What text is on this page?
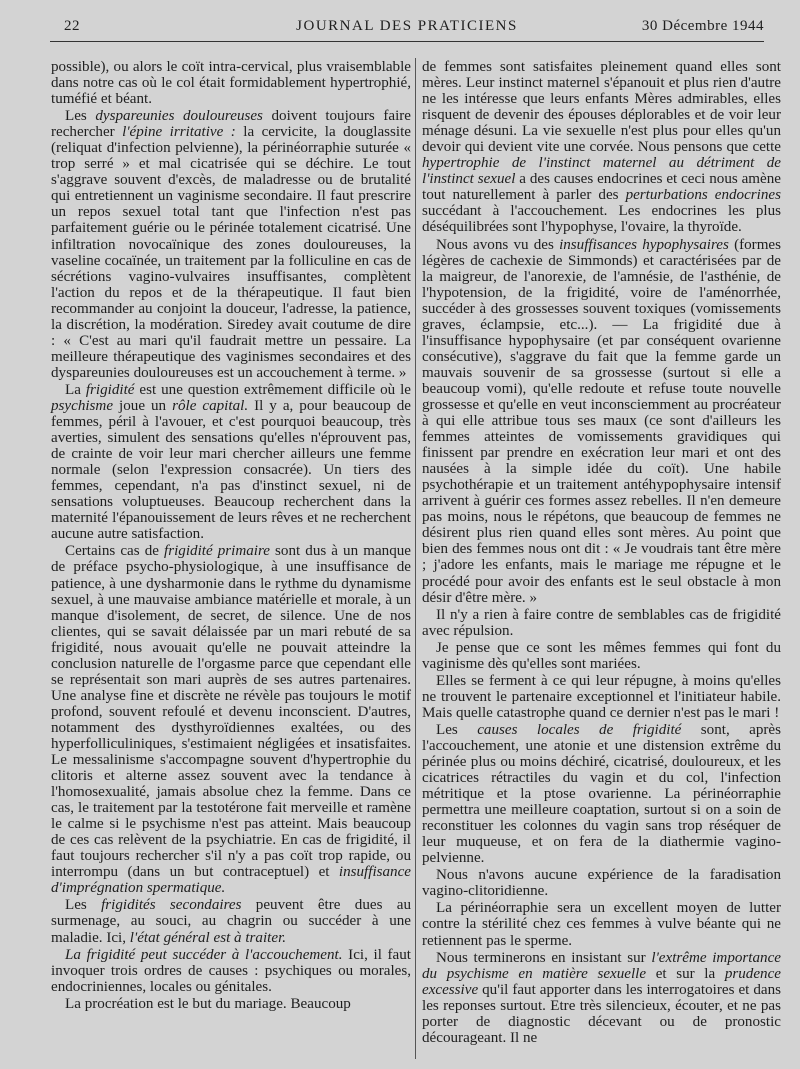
22	JOURNAL DES PRATICIENS	30 Décembre 1944

possible), ou alors le coït intra-cervical, plus vraisemblable dans notre cas où le col était formidablement hypertrophié, tuméfié et béant.

Les dyspareunies douloureuses doivent toujours faire rechercher l'épine irritative : la cervicite, la douglassite (reliquat d'infection pelvienne), la périnéorraphie suturée « trop serré » et mal cicatrisée qui se déchire. Le tout s'aggrave souvent d'excès, de maladresse ou de brutalité qui entretiennent un vaginisme secondaire. Il faut prescrire un repos sexuel total tant que l'infection n'est pas parfaitement guérie ou le périnée totalement cicatrisé. Une infiltration novocaïnique des zones douloureuses, la vaseline cocaïnée, un traitement par la folliculine en cas de sécrétions vagino-vulvaires insuffisantes, complètent l'action du repos et de la thérapeutique. Il faut bien recommander au conjoint la douceur, l'adresse, la patience, la discrétion, la modération. Siredey avait coutume de dire : « C'est au mari qu'il faudrait mettre un pessaire. La meilleure thérapeutique des vaginismes secondaires et des dyspareunies douloureuses est un accouchement à terme. »

La frigidité est une question extrêmement difficile où le psychisme joue un rôle capital. Il y a, pour beaucoup de femmes, péril à l'avouer, et c'est pourquoi beaucoup, très averties, simulent des sensations qu'elles n'éprouvent pas, de crainte de voir leur mari chercher ailleurs une femme normale (selon l'expression consacrée). Un tiers des femmes, cependant, n'a pas d'instinct sexuel, ni de sensations voluptueuses. Beaucoup recherchent dans la maternité l'épanouissement de leurs rêves et ne recherchent aucune autre satisfaction.

Certains cas de frigidité primaire sont dus à un manque de préface psycho-physiologique, à une insuffisance de patience, à une dysharmonie dans le rythme du dynamisme sexuel, à une mauvaise ambiance matérielle et morale, à un manque d'isolement, de secret, de silence. Une de nos clientes, qui se savait délaissée par un mari rebuté de sa frigidité, nous avouait qu'elle ne pouvait atteindre la conclusion naturelle de l'orgasme parce que cependant elle se représentait son mari auprès de ses autres partenaires. Une analyse fine et discrète ne révèle pas toujours le motif profond, souvent refoulé et devenu inconscient. D'autres, notamment des dysthyroïdiennes exaltées, ou des hyperfolliculiniques, s'estimaient négligées et insatisfaites. Le messalinisme s'accompagne souvent d'hypertrophie du clitoris et alterne assez souvent avec la tendance à l'homosexualité, jamais absolue chez la femme. Dans ce cas, le traitement par la testotérone fait merveille et ramène le calme si le psychisme n'est pas atteint. Mais beaucoup de ces cas relèvent de la psychiatrie. En cas de frigidité, il faut toujours rechercher s'il n'y a pas coït trop rapide, ou interrompu (dans un but contraceptuel) et insuffisance d'imprégnation spermatique.

Les frigidités secondaires peuvent être dues au surmenage, au souci, au chagrin ou succéder à une maladie. Ici, l'état général est à traiter.

La frigidité peut succéder à l'accouchement. Ici, il faut invoquer trois ordres de causes : psychiques ou morales, endocriniennes, locales ou génitales.

La procréation est le but du mariage. Beaucoup

de femmes sont satisfaites pleinement quand elles sont mères. Leur instinct maternel s'épanouit et plus rien d'autre ne les intéresse que leurs enfants Mères admirables, elles risquent de devenir des épouses déplorables et de voir leur ménage désuni. La vie sexuelle n'est plus pour elles qu'un devoir qui devient vite une corvée. Nous pensons que cette hypertrophie de l'instinct maternel au détriment de l'instinct sexuel a des causes endocrines et ceci nous amène tout naturellement à parler des perturbations endocrines succédant à l'accouchement. Les endocrines les plus déséquilibrées sont l'hypophyse, l'ovaire, la thyroïde.

Nous avons vu des insuffisances hypophysaires (formes légères de cachexie de Simmonds) et caractérisées par de la maigreur, de l'anorexie, de l'amnésie, de l'asthénie, de l'hypotension, de la frigidité, voire de l'aménorrhée, succéder à des grossesses souvent toxiques (vomissements graves, éclampsie, etc...). — La frigidité due à l'insuffisance hypophysaire (et par conséquent ovarienne consécutive), s'aggrave du fait que la femme garde un mauvais souvenir de sa grossesse (surtout si elle a beaucoup vomi), qu'elle redoute et refuse toute nouvelle grossesse et qu'elle en veut inconsciemment au procréateur à qui elle attribue tous ses maux (ce sont d'ailleurs les femmes atteintes de vomissements gravidiques qui finissent par prendre en exécration leur mari et ont des nausées à la simple idée du coït). Une habile psychothérapie et un traitement antéhypophysaire intensif arrivent à guérir ces formes assez rebelles. Il n'en demeure pas moins, nous le répétons, que beaucoup de femmes ne désirent plus rien quand elles sont mères. Au point que bien des femmes nous ont dit : « Je voudrais tant être mère ; j'adore les enfants, mais le mariage me répugne et le procédé pour avoir des enfants est le seul obstacle à mon désir d'être mère. »

Il n'y a rien à faire contre de semblables cas de frigidité avec répulsion.

Je pense que ce sont les mêmes femmes qui font du vaginisme dès qu'elles sont mariées.

Elles se ferment à ce qui leur répugne, à moins qu'elles ne trouvent le partenaire exceptionnel et l'initiateur habile. Mais quelle catastrophe quand ce dernier n'est pas le mari !

Les causes locales de frigidité sont, après l'accouchement, une atonie et une distension extrême du périnée plus ou moins déchiré, cicatrisé, douloureux, et les cicatrices rétractiles du vagin et du col, l'infection métritique et la ptose ovarienne. La périnéorraphie permettra une meilleure coaptation, surtout si on a soin de reconstituer les colonnes du vagin sans trop réséquer de leur muqueuse, et on fera de la diathermie vagino-pelvienne.

Nous n'avons aucune expérience de la faradisation vagino-clitoridienne.

La périnéorraphie sera un excellent moyen de lutter contre la stérilité chez ces femmes à vulve béante qui ne retiennent pas le sperme.

Nous terminerons en insistant sur l'extrême importance du psychisme en matière sexuelle et sur la prudence excessive qu'il faut apporter dans les interrogatoires et dans les reponses surtout. Etre très silencieux, écouter, et ne pas porter de diagnostic décevant ou de pronostic décourageant. Il ne
